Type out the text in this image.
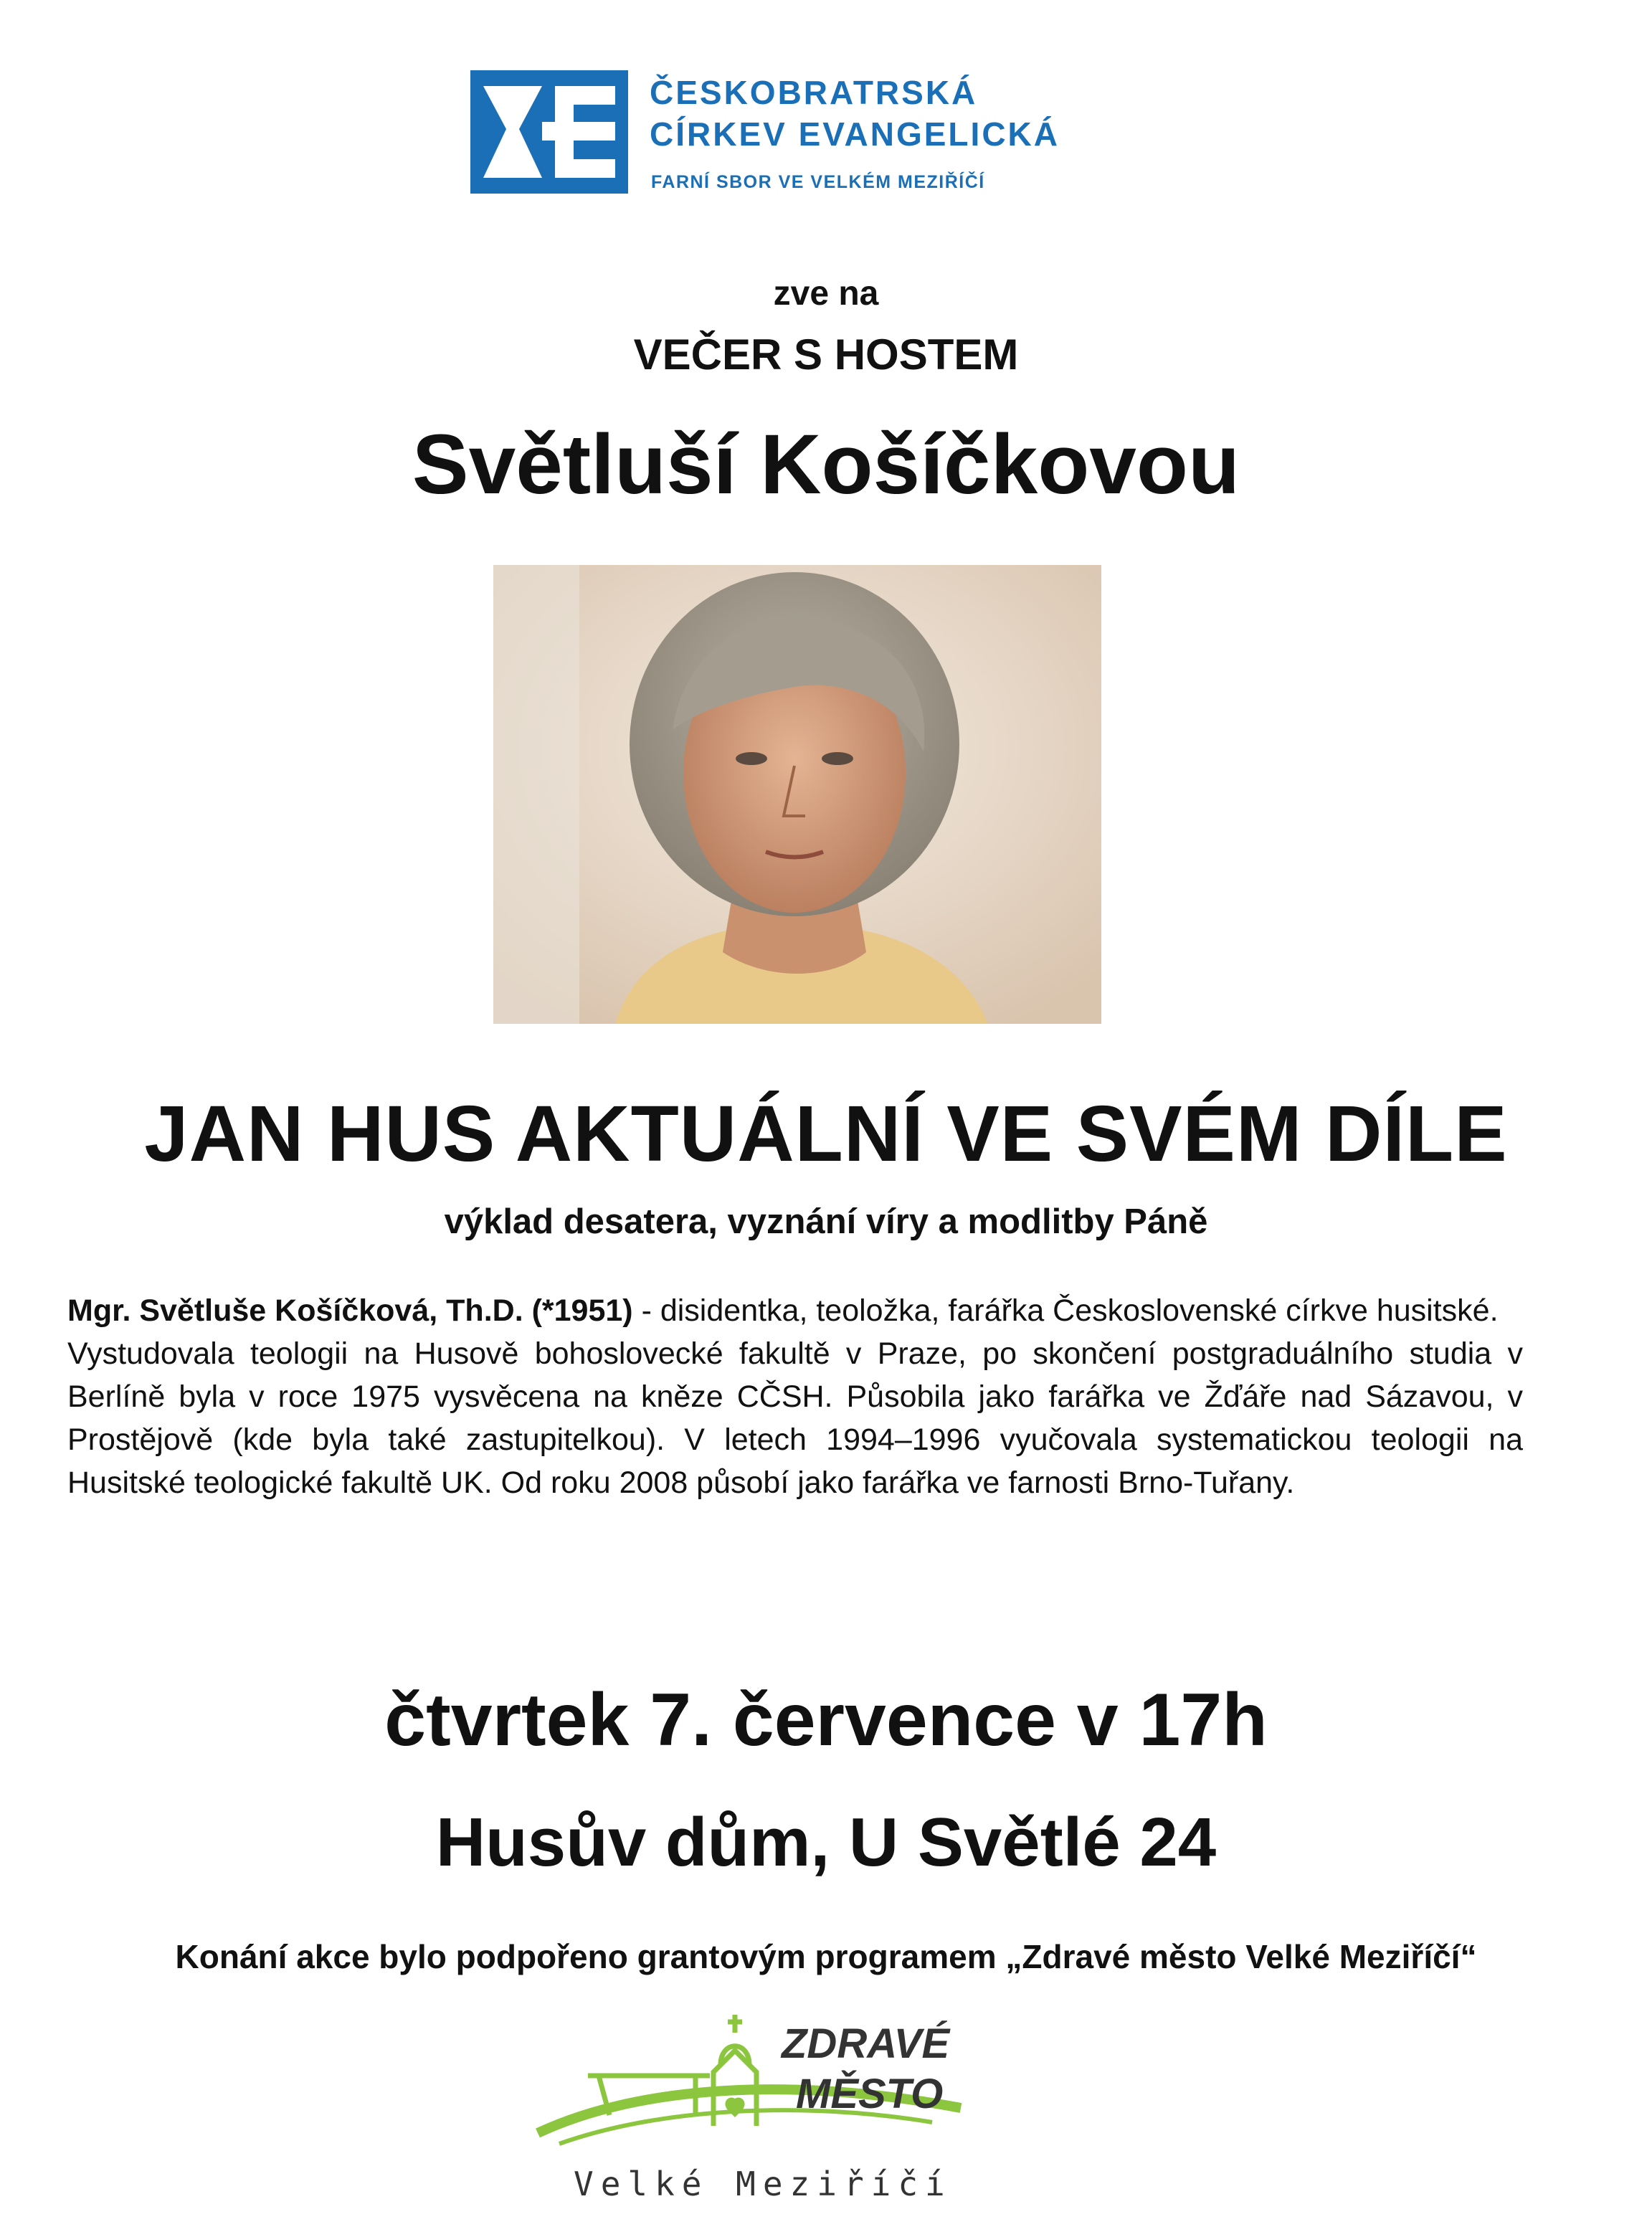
ČESKOBRATRSKÁ
CÍRKEV EVANGELICKÁ
FARNÍ SBOR VE VELKÉM MEZIŘÍČÍ
zve na
VEČER S HOSTEM
Světluší Košíčkovou
JAN HUS AKTUÁLNÍ VE SVÉM DÍLE
výklad desatera, vyznání víry a modlitby Páně

Mgr. Světluše Košíčková, Th.D. (*1951) - disidentka, teoložka, farářka Československé církve husitské.

Vystudovala teologii na Husově bohoslovecké fakultě v Praze, po skončení postgraduálního studia v Berlíně byla v roce 1975 vysvěcena na kněze CČSH. Působila jako farářka ve Žďáře nad Sázavou, v Prostějově (kde byla také zastupitelkou). V letech 1994–1996 vyučovala systematickou teologii na Husitské teologické fakultě UK. Od roku 2008 působí jako farářka ve farnosti Brno-Tuřany.

čtvrtek 7. července v 17h
Husův dům, U Světlé 24
Konání akce bylo podpořeno grantovým programem „Zdravé město Velké Meziříčí“
ZDRAVÉ
MĚSTO
Velké Meziříčí
